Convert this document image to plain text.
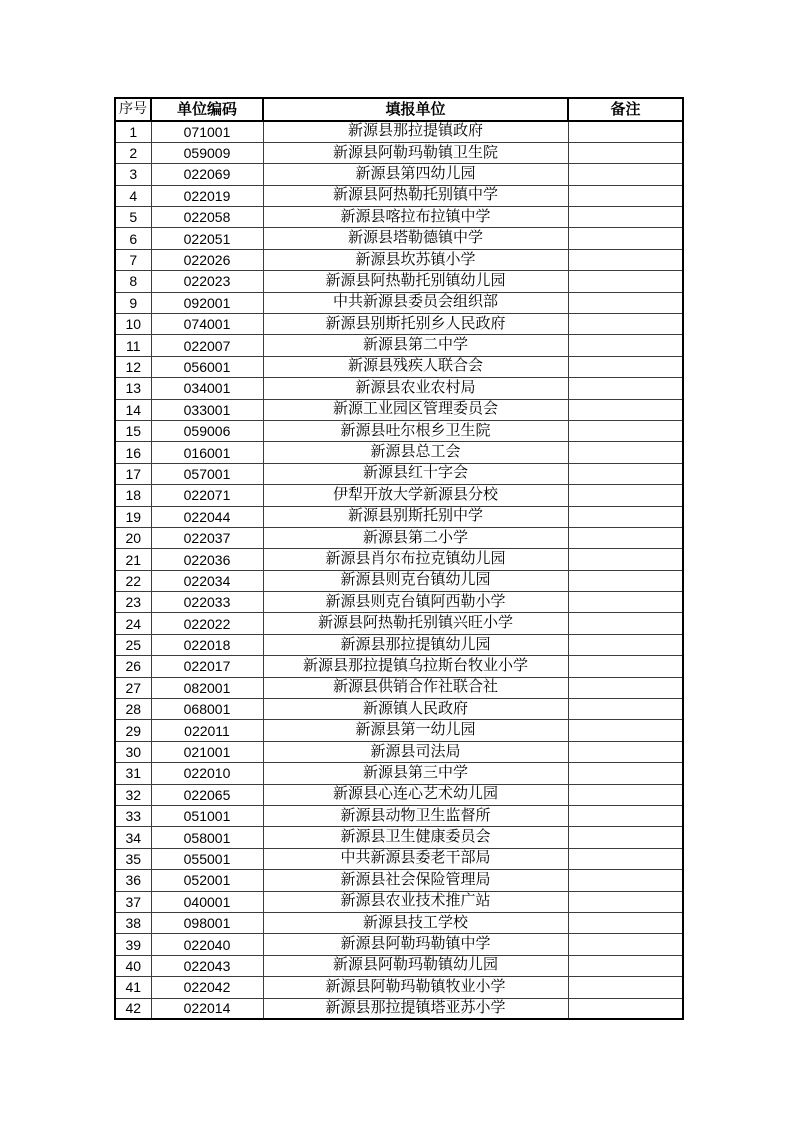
序号	单位编码	填报单位	备注
1	071001	新源县那拉提镇政府	
2	059009	新源县阿勒玛勒镇卫生院	
3	022069	新源县第四幼儿园	
4	022019	新源县阿热勒托别镇中学	
5	022058	新源县喀拉布拉镇中学	
6	022051	新源县塔勒德镇中学	
7	022026	新源县坎苏镇小学	
8	022023	新源县阿热勒托别镇幼儿园	
9	092001	中共新源县委员会组织部	
10	074001	新源县别斯托别乡人民政府	
11	022007	新源县第二中学	
12	056001	新源县残疾人联合会	
13	034001	新源县农业农村局	
14	033001	新源工业园区管理委员会	
15	059006	新源县吐尔根乡卫生院	
16	016001	新源县总工会	
17	057001	新源县红十字会	
18	022071	伊犁开放大学新源县分校	
19	022044	新源县别斯托别中学	
20	022037	新源县第二小学	
21	022036	新源县肖尔布拉克镇幼儿园	
22	022034	新源县则克台镇幼儿园	
23	022033	新源县则克台镇阿西勒小学	
24	022022	新源县阿热勒托别镇兴旺小学	
25	022018	新源县那拉提镇幼儿园	
26	022017	新源县那拉提镇乌拉斯台牧业小学	
27	082001	新源县供销合作社联合社	
28	068001	新源镇人民政府	
29	022011	新源县第一幼儿园	
30	021001	新源县司法局	
31	022010	新源县第三中学	
32	022065	新源县心连心艺术幼儿园	
33	051001	新源县动物卫生监督所	
34	058001	新源县卫生健康委员会	
35	055001	中共新源县委老干部局	
36	052001	新源县社会保险管理局	
37	040001	新源县农业技术推广站	
38	098001	新源县技工学校	
39	022040	新源县阿勒玛勒镇中学	
40	022043	新源县阿勒玛勒镇幼儿园	
41	022042	新源县阿勒玛勒镇牧业小学	
42	022014	新源县那拉提镇塔亚苏小学	
